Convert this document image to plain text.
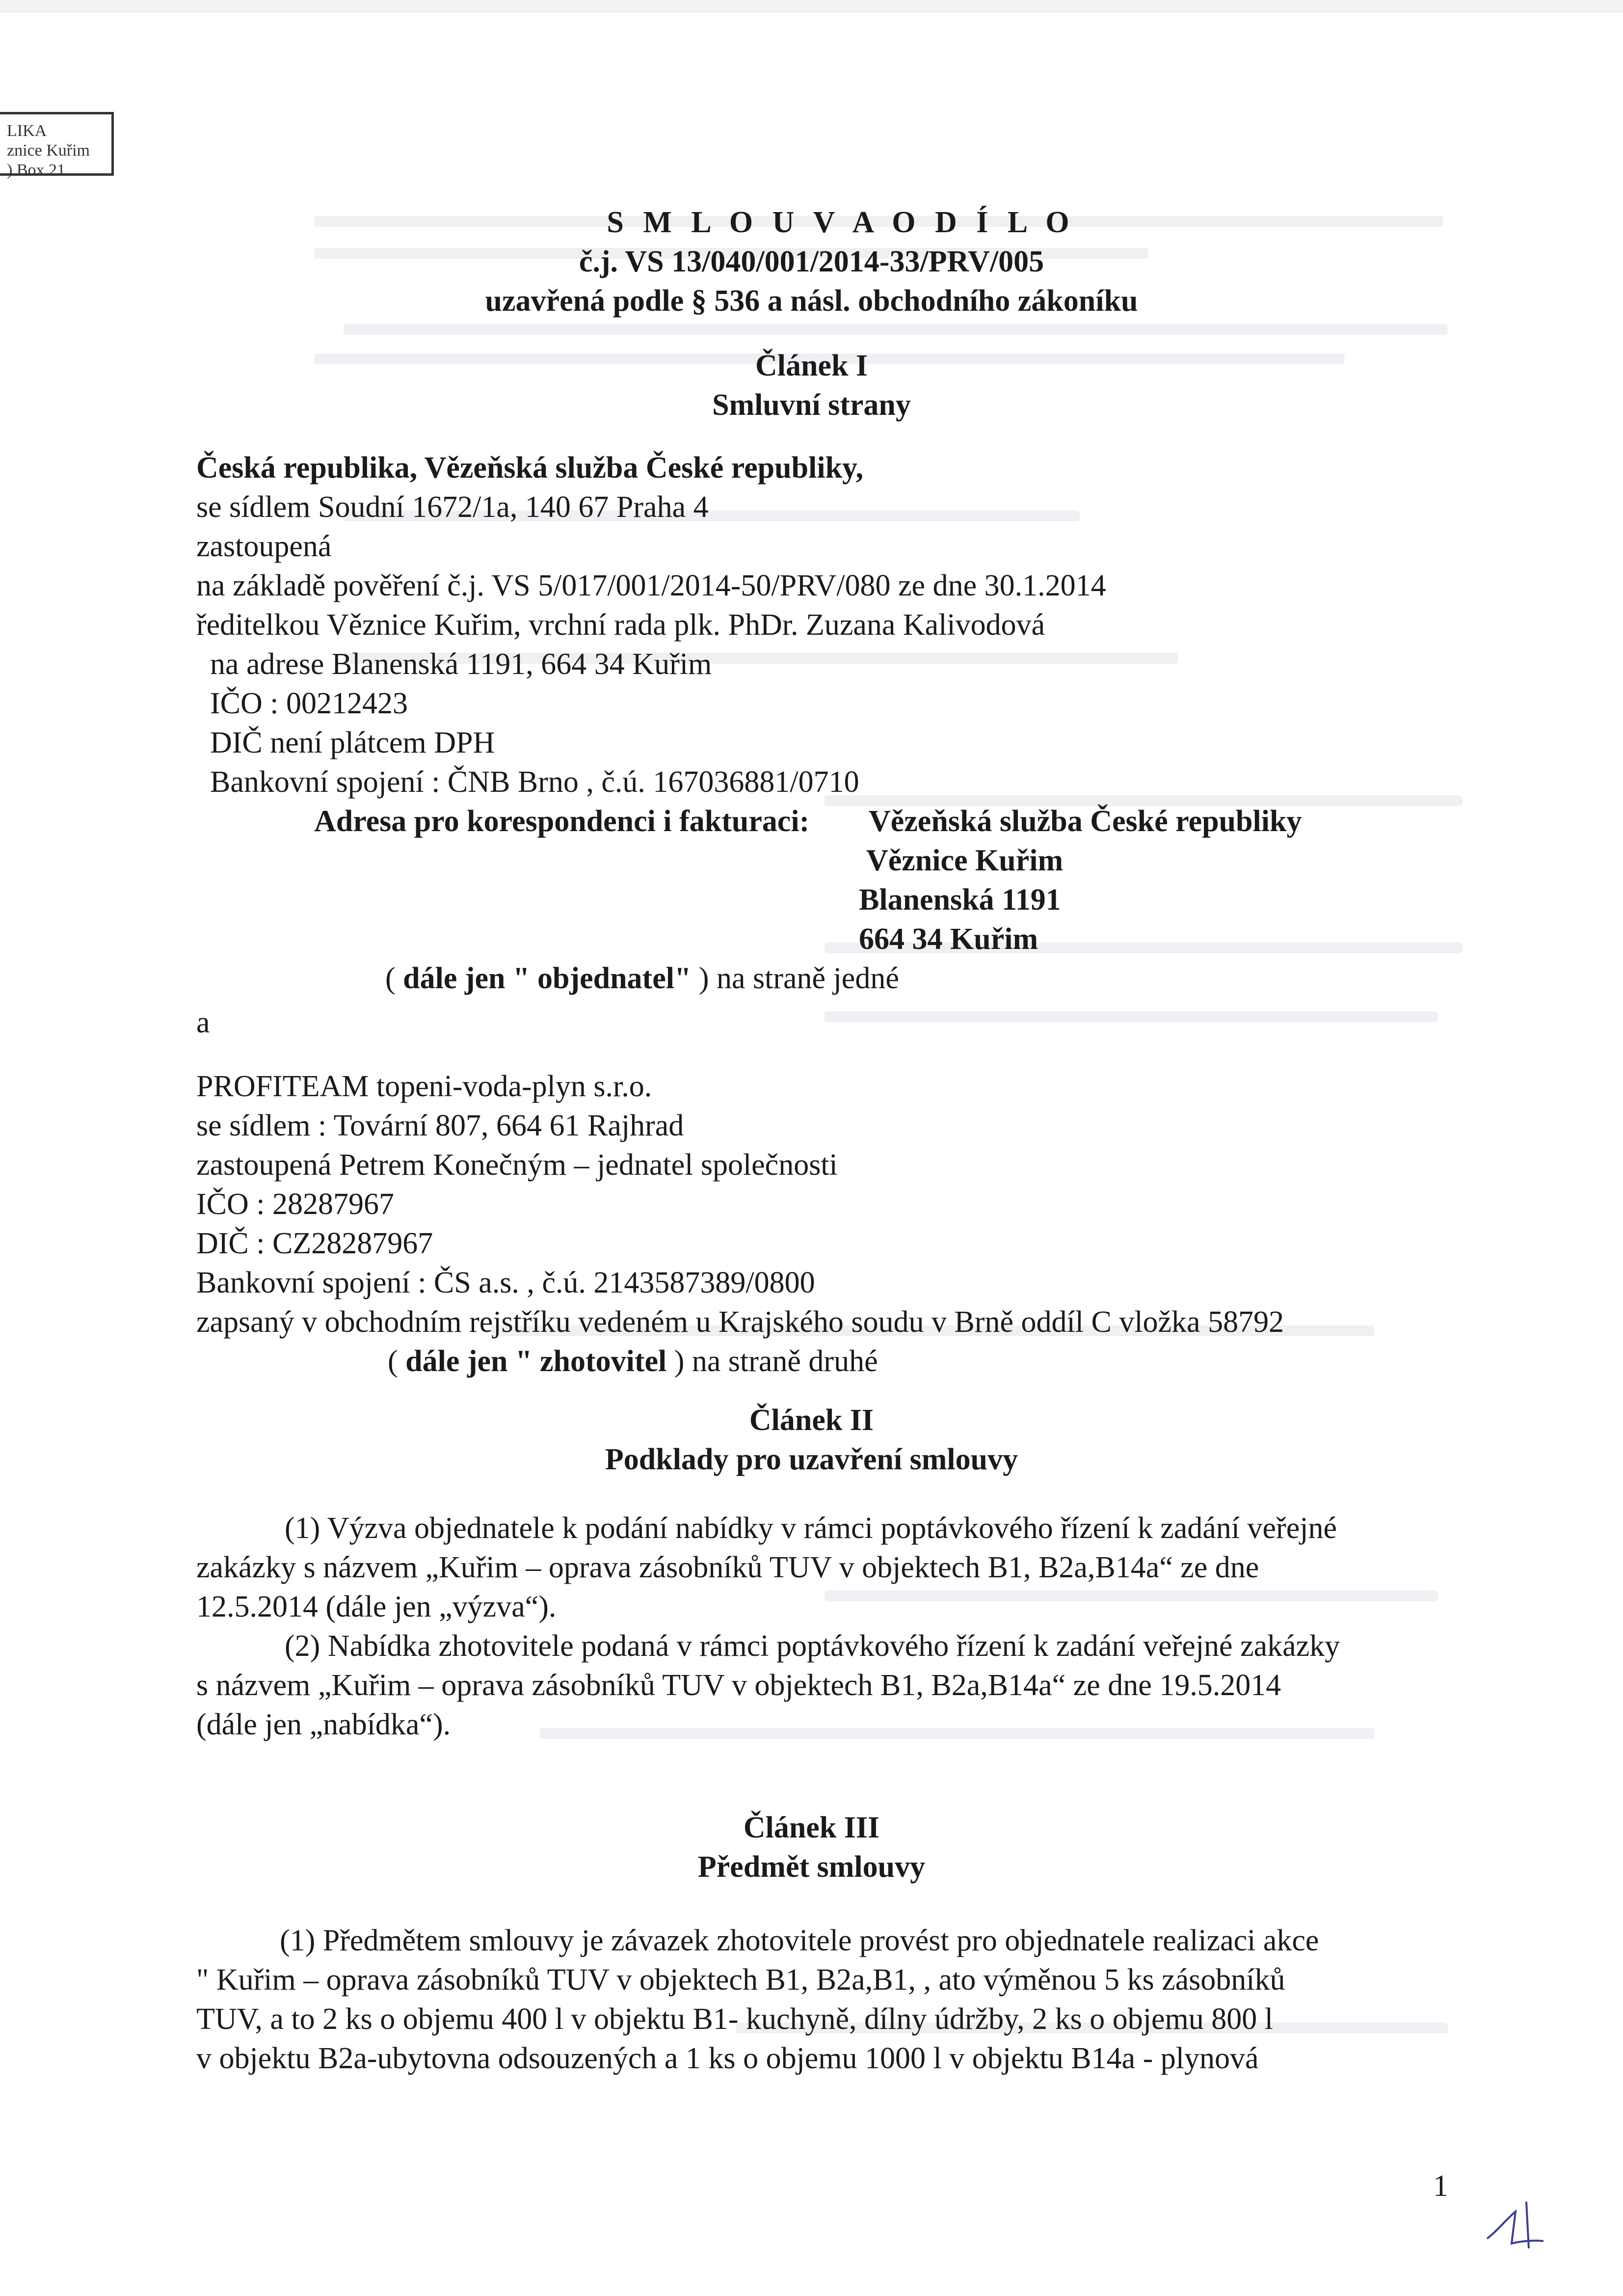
LIKA
znice Kuřim
).Box 21
S M L O U V A O D Í L O
č.j. VS 13/040/001/2014-33/PRV/005
uzavřená podle § 536 a násl. obchodního zákoníku
Článek I
Smluvní strany
Česká republika, Vězeňská služba České republiky,
se sídlem Soudní 1672/1a, 140 67 Praha 4
zastoupená
na základě pověření č.j. VS 5/017/001/2014-50/PRV/080 ze dne 30.1.2014
ředitelkou Věznice Kuřim, vrchní rada plk. PhDr. Zuzana Kalivodová
na adrese Blanenská 1191, 664 34 Kuřim
IČO : 00212423
DIČ není plátcem DPH
Bankovní spojení : ČNB Brno , č.ú. 167036881/0710
Adresa pro korespondenci i fakturaci: Vězeňská služba České republiky
Věznice Kuřim
Blanenská 1191
664 34 Kuřim
( dále jen " objednatel" ) na straně jedné
a
PROFITEAM topeni-voda-plyn s.r.o.
se sídlem : Tovární 807, 664 61 Rajhrad
zastoupená Petrem Konečným – jednatel společnosti
IČO : 28287967
DIČ : CZ28287967
Bankovní spojení : ČS a.s. , č.ú. 2143587389/0800
zapsaný v obchodním rejstříku vedeném u Krajského soudu v Brně oddíl C vložka 58792
( dále jen " zhotovitel ) na straně druhé
Článek II
Podklady pro uzavření smlouvy
(1) Výzva objednatele k podání nabídky v rámci poptávkového řízení k zadání veřejné
zakázky s názvem „Kuřim – oprava zásobníků TUV v objektech B1, B2a,B14a“ ze dne
12.5.2014 (dále jen „výzva“).
(2) Nabídka zhotovitele podaná v rámci poptávkového řízení k zadání veřejné zakázky
s názvem „Kuřim – oprava zásobníků TUV v objektech B1, B2a,B14a“ ze dne 19.5.2014
(dále jen „nabídka“).
Článek III
Předmět smlouvy
(1) Předmětem smlouvy je závazek zhotovitele provést pro objednatele realizaci akce
" Kuřim – oprava zásobníků TUV v objektech B1, B2a,B1, , ato výměnou 5 ks zásobníků
TUV, a to 2 ks o objemu 400 l v objektu B1- kuchyně, dílny údržby, 2 ks o objemu 800 l
v objektu B2a-ubytovna odsouzených a 1 ks o objemu 1000 l v objektu B14a - plynová
1
